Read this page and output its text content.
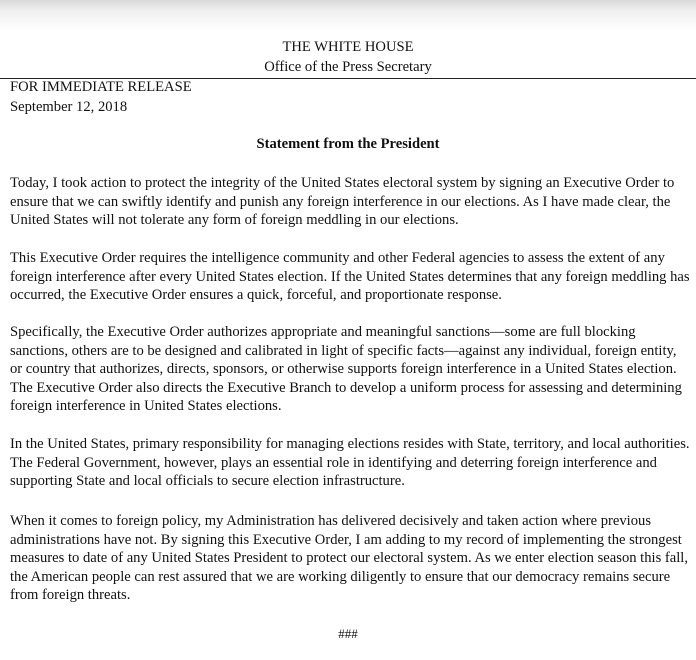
THE WHITE HOUSE
Office of the Press Secretary
FOR IMMEDIATE RELEASE
September 12, 2018
Statement from the President

Today, I took action to protect the integrity of the United States electoral system by signing an Executive Order to
ensure that we can swiftly identify and punish any foreign interference in our elections. As I have made clear, the
United States will not tolerate any form of foreign meddling in our elections.

This Executive Order requires the intelligence community and other Federal agencies to assess the extent of any
foreign interference after every United States election. If the United States determines that any foreign meddling has
occurred, the Executive Order ensures a quick, forceful, and proportionate response.

Specifically, the Executive Order authorizes appropriate and meaningful sanctions—some are full blocking
sanctions, others are to be designed and calibrated in light of specific facts—against any individual, foreign entity,
or country that authorizes, directs, sponsors, or otherwise supports foreign interference in a United States election.
The Executive Order also directs the Executive Branch to develop a uniform process for assessing and determining
foreign interference in United States elections.

In the United States, primary responsibility for managing elections resides with State, territory, and local authorities.
The Federal Government, however, plays an essential role in identifying and deterring foreign interference and
supporting State and local officials to secure election infrastructure.

When it comes to foreign policy, my Administration has delivered decisively and taken action where previous
administrations have not. By signing this Executive Order, I am adding to my record of implementing the strongest
measures to date of any United States President to protect our electoral system. As we enter election season this fall,
the American people can rest assured that we are working diligently to ensure that our democracy remains secure
from foreign threats.

###
